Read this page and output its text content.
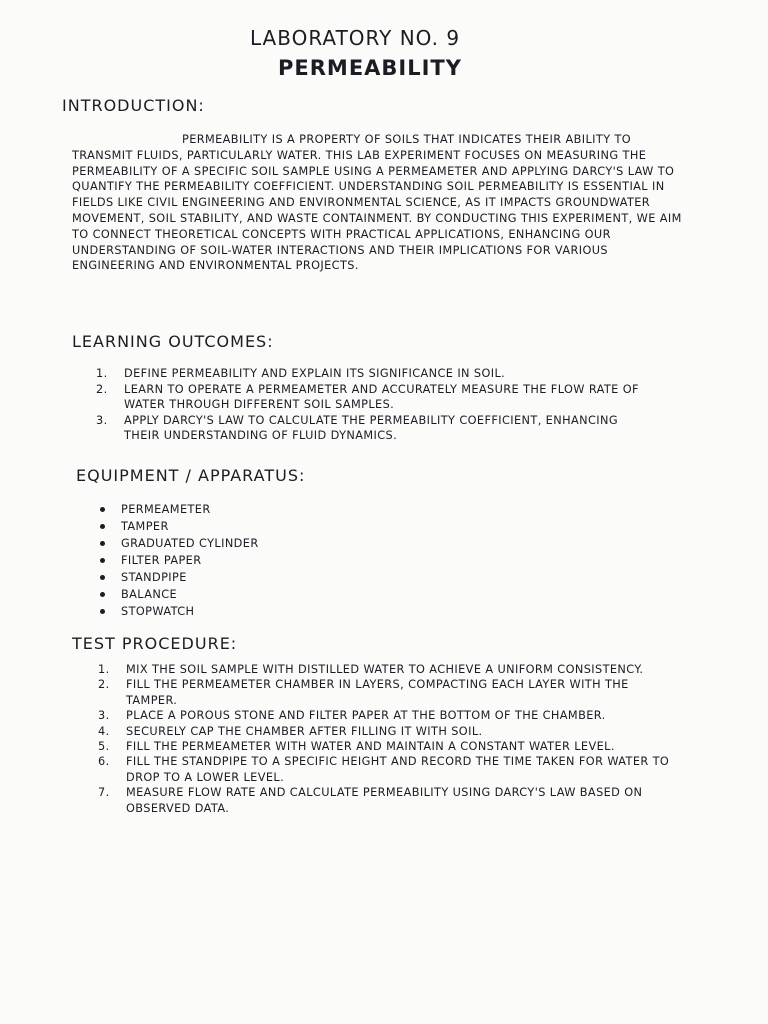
LABORATORY NO. 9
PERMEABILITY
INTRODUCTION:

PERMEABILITY IS A PROPERTY OF SOILS THAT INDICATES THEIR ABILITY TO TRANSMIT FLUIDS, PARTICULARLY WATER. THIS LAB EXPERIMENT FOCUSES ON MEASURING THE PERMEABILITY OF A SPECIFIC SOIL SAMPLE USING A PERMEAMETER AND APPLYING DARCY'S LAW TO QUANTIFY THE PERMEABILITY COEFFICIENT. UNDERSTANDING SOIL PERMEABILITY IS ESSENTIAL IN FIELDS LIKE CIVIL ENGINEERING AND ENVIRONMENTAL SCIENCE, AS IT IMPACTS GROUNDWATER MOVEMENT, SOIL STABILITY, AND WASTE CONTAINMENT. BY CONDUCTING THIS EXPERIMENT, WE AIM TO CONNECT THEORETICAL CONCEPTS WITH PRACTICAL APPLICATIONS, ENHANCING OUR UNDERSTANDING OF SOIL-WATER INTERACTIONS AND THEIR IMPLICATIONS FOR VARIOUS ENGINEERING AND ENVIRONMENTAL PROJECTS.

LEARNING OUTCOMES:
1.	DEFINE PERMEABILITY AND EXPLAIN ITS SIGNIFICANCE IN SOIL.
2.	LEARN TO OPERATE A PERMEAMETER AND ACCURATELY MEASURE THE FLOW RATE OF WATER THROUGH DIFFERENT SOIL SAMPLES.
3.	APPLY DARCY'S LAW TO CALCULATE THE PERMEABILITY COEFFICIENT, ENHANCING THEIR UNDERSTANDING OF FLUID DYNAMICS.
EQUIPMENT / APPARATUS:
PERMEAMETER
TAMPER
GRADUATED CYLINDER
FILTER PAPER
STANDPIPE
BALANCE
STOPWATCH
TEST PROCEDURE:
1.	MIX THE SOIL SAMPLE WITH DISTILLED WATER TO ACHIEVE A UNIFORM CONSISTENCY.
2.	FILL THE PERMEAMETER CHAMBER IN LAYERS, COMPACTING EACH LAYER WITH THE TAMPER.
3.	PLACE A POROUS STONE AND FILTER PAPER AT THE BOTTOM OF THE CHAMBER.
4.	SECURELY CAP THE CHAMBER AFTER FILLING IT WITH SOIL.
5.	FILL THE PERMEAMETER WITH WATER AND MAINTAIN A CONSTANT WATER LEVEL.
6.	FILL THE STANDPIPE TO A SPECIFIC HEIGHT AND RECORD THE TIME TAKEN FOR WATER TO DROP TO A LOWER LEVEL.
7.	MEASURE FLOW RATE AND CALCULATE PERMEABILITY USING DARCY'S LAW BASED ON OBSERVED DATA.
